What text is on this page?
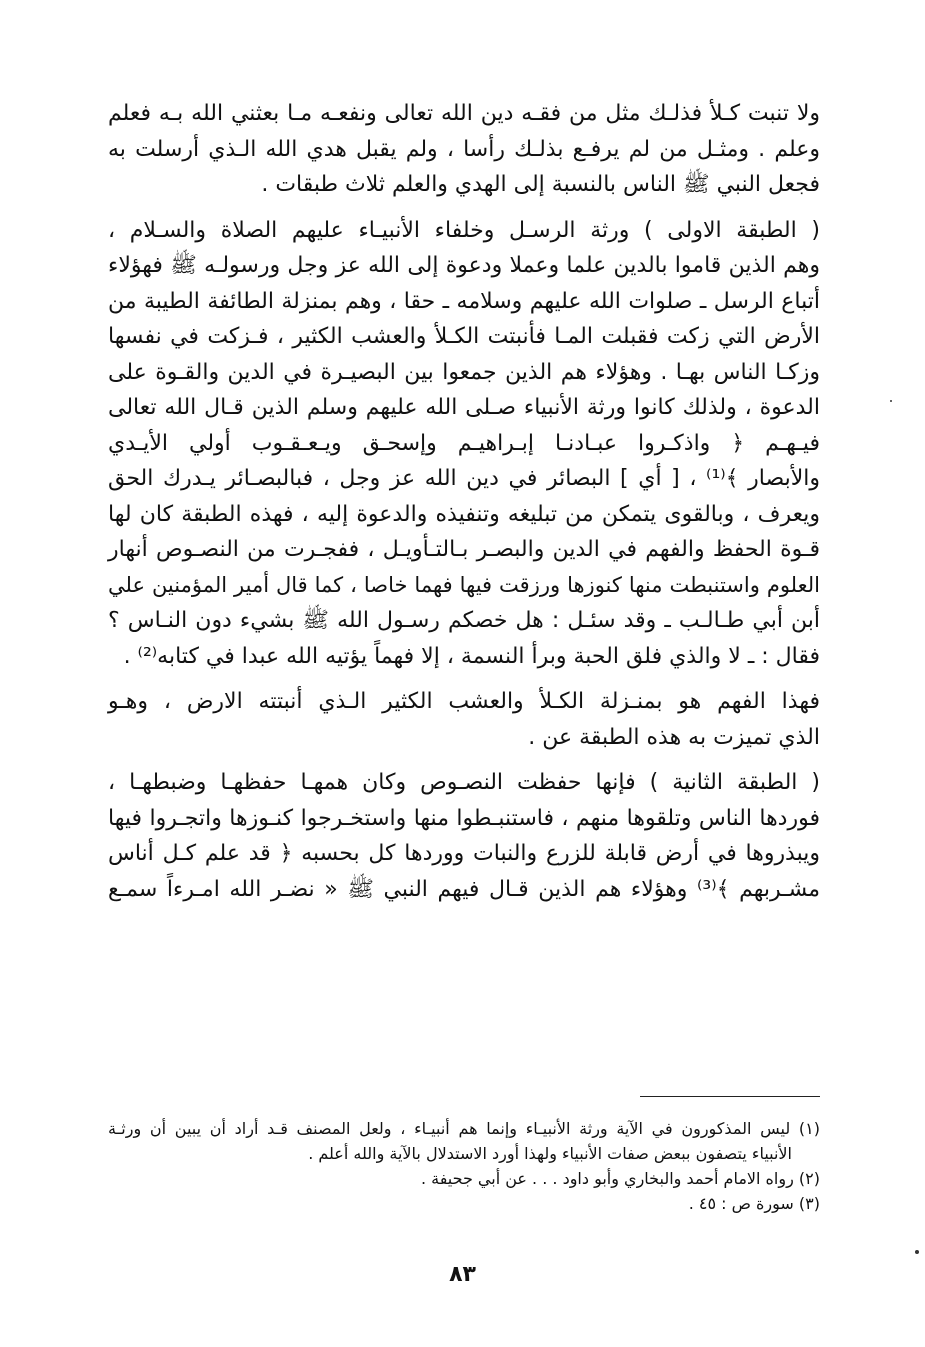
ولا تنبت كـلأ فذلـك مثل من فقـه دين الله تعالى ونفعـه مـا بعثني الله بـه فعلم
وعلم . ومثـل من لم يرفـع بذلـك رأسا ، ولم يقبل هدي الله الـذي أرسلت به
فجعل النبي ﷺ الناس بالنسبة إلى الهدي والعلم ثلاث طبقات .
( الطبقة الاولى ) ورثة الرسـل وخلفاء الأنبيـاء عليهم الصلاة والسـلام ،
وهم الذين قاموا بالدين علما وعملا ودعوة إلى الله عز وجل ورسولـه ﷺ فهؤلاء
أتباع الرسل ـ صلوات الله عليهم وسلامه ـ حقا ، وهم بمنزلة الطائفة الطيبة من
الأرض التي زكت فقبلت المـا فأنبتت الكـلأ والعشب الكثير ، فـزكت في نفسها
وزكـا الناس بهـا . وهؤلاء هم الذين جمعوا بين البصيـرة في الدين والقـوة على
الدعوة ، ولذلك كانوا ورثة الأنبياء صـلى الله عليهم وسلم الذين قـال الله تعالى
فيـهـم ﴿ واذكـروا عبـادنـا إبـراهيـم وإسحـق ويـعـقـوب أولي الأيـدي
والأبصار ﴾⁽¹⁾ ، [ أي ] البصائر في دين الله عز وجل ، فبالبصـائر يـدرك الحق
ويعرف ، وبالقوى يتمكن من تبليغه وتنفيذه والدعوة إليه ، فهذه الطبقة كان لها
قـوة الحفظ والفهم في الدين والبصـر بـالتـأويـل ، ففجـرت من النصـوص أنهار
العلوم واستنبطت منها كنوزها ورزقت فيها فهما خاصا ، كما قال أمير المؤمنين علي
أبن أبي طـالـب ـ وقد سئـل : هل خصكم رسـول الله ﷺ بشيء دون النـاس ؟
فقال : ـ لا والذي فلق الحبة وبرأ النسمة ، إلا فهماً يؤتيه الله عبدا في كتابه⁽²⁾ .
فهذا الفهم هو بمنـزلة الكـلأ والعشب الكثير الـذي أنبتته الارض ، وهـو
الذي تميزت به هذه الطبقة عن .
( الطبقة الثانية ) فإنها حفظت النصـوص وكان همهـا حفظهـا وضبطهـا ،
فوردها الناس وتلقوها منهم ، فاستنبـطوا منها واستخـرجوا كنـوزها واتجـروا فيها
ويبذروها في أرض قابلة للزرع والنبات ووردها كل بحسبه ﴿ قد علم كـل أناس
مشـربهم ﴾⁽³⁾ وهؤلاء هم الذين قـال فيهم النبي ﷺ « نضـر الله امـرءاً سمـع
(١) ليس المذكورون في الآية ورثة الأنبيـاء وإنما هم أنبيـاء ، ولعل المصنف قـد أراد أن يبين أن ورثـة
الأنبياء يتصفون ببعض صفات الأنبياء ولهذا أورد الاستدلال بالآية والله أعلم .
(٢) رواه الامام أحمد والبخاري وأبو داود . . . عن أبي جحيفة .
(٣) سورة ص : ٤٥ .
٨٣
